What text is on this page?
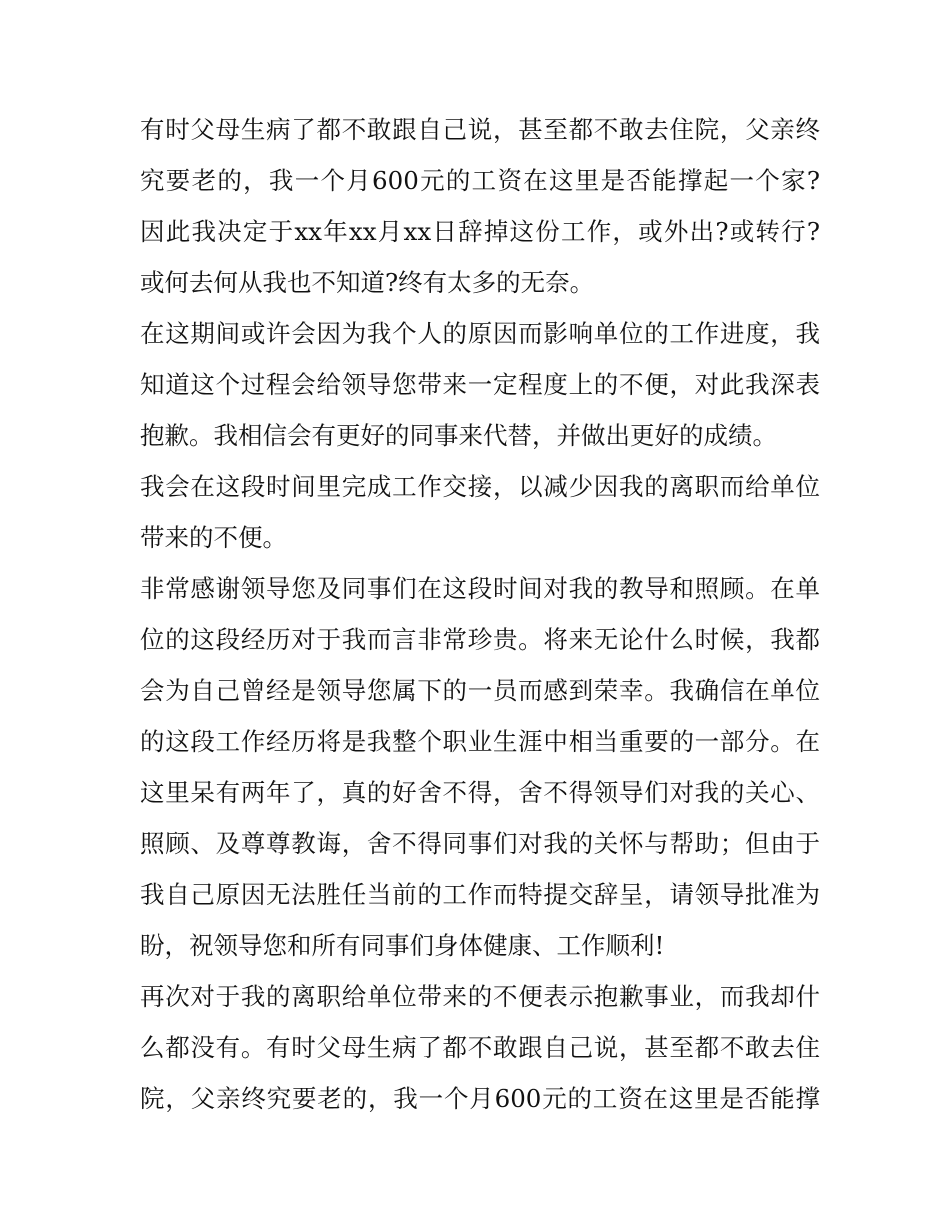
有时父母生病了都不敢跟自己说，甚至都不敢去住院，父亲终
究要老的，我一个月600元的工资在这里是否能撑起一个家?
因此我决定于xx年xx月xx日辞掉这份工作，或外出?或转行?
或何去何从我也不知道?终有太多的无奈。
在这期间或许会因为我个人的原因而影响单位的工作进度，我
知道这个过程会给领导您带来一定程度上的不便，对此我深表
抱歉。我相信会有更好的同事来代替，并做出更好的成绩。
我会在这段时间里完成工作交接，以减少因我的离职而给单位
带来的不便。
非常感谢领导您及同事们在这段时间对我的教导和照顾。在单
位的这段经历对于我而言非常珍贵。将来无论什么时候，我都
会为自己曾经是领导您属下的一员而感到荣幸。我确信在单位
的这段工作经历将是我整个职业生涯中相当重要的一部分。在
这里呆有两年了，真的好舍不得，舍不得领导们对我的关心、
照顾、及尊尊教诲，舍不得同事们对我的关怀与帮助；但由于
我自己原因无法胜任当前的工作而特提交辞呈，请领导批准为
盼，祝领导您和所有同事们身体健康、工作顺利!
再次对于我的离职给单位带来的不便表示抱歉事业，而我却什
么都没有。有时父母生病了都不敢跟自己说，甚至都不敢去住
院，父亲终究要老的，我一个月600元的工资在这里是否能撑
